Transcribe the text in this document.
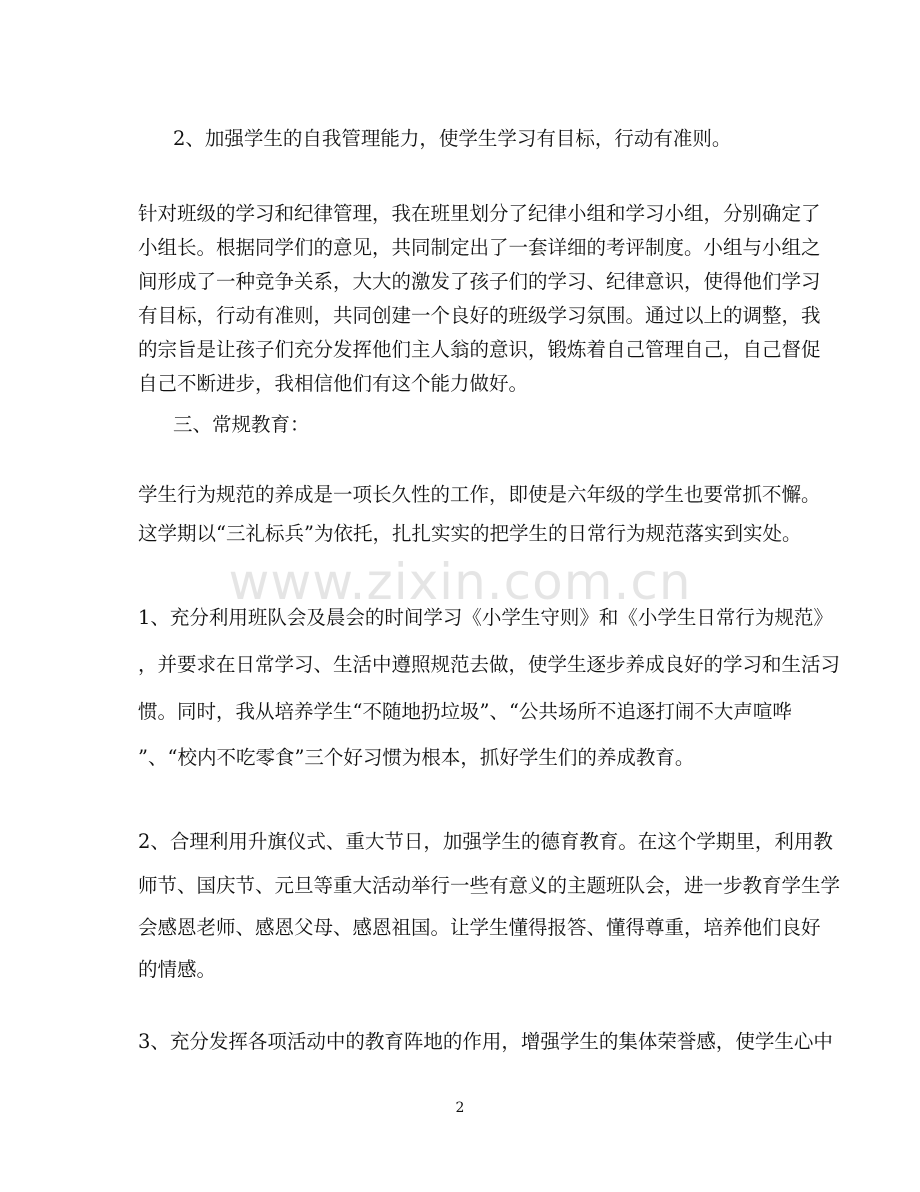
2、加强学生的自我管理能力，使学生学习有目标，行动有准则。
针对班级的学习和纪律管理，我在班里划分了纪律小组和学习小组，分别确定了
小组长。根据同学们的意见，共同制定出了一套详细的考评制度。小组与小组之
间形成了一种竞争关系，大大的激发了孩子们的学习、纪律意识，使得他们学习
有目标，行动有准则，共同创建一个良好的班级学习氛围。通过以上的调整，我
的宗旨是让孩子们充分发挥他们主人翁的意识，锻炼着自己管理自己，自己督促
自己不断进步，我相信他们有这个能力做好。
三、常规教育：
学生行为规范的养成是一项长久性的工作，即使是六年级的学生也要常抓不懈。
这学期以“三礼标兵”为依托，扎扎实实的把学生的日常行为规范落实到实处。
www.zixin.com.cn
1、充分利用班队会及晨会的时间学习《小学生守则》和《小学生日常行为规范》
，并要求在日常学习、生活中遵照规范去做，使学生逐步养成良好的学习和生活习
惯。同时，我从培养学生“不随地扔垃圾”、“公共场所不追逐打闹不大声喧哗
”、“校内不吃零食”三个好习惯为根本，抓好学生们的养成教育。
2、合理利用升旗仪式、重大节日，加强学生的德育教育。在这个学期里，利用教
师节、国庆节、元旦等重大活动举行一些有意义的主题班队会，进一步教育学生学
会感恩老师、感恩父母、感恩祖国。让学生懂得报答、懂得尊重，培养他们良好
的情感。
3、充分发挥各项活动中的教育阵地的作用，增强学生的集体荣誉感，使学生心中
2
